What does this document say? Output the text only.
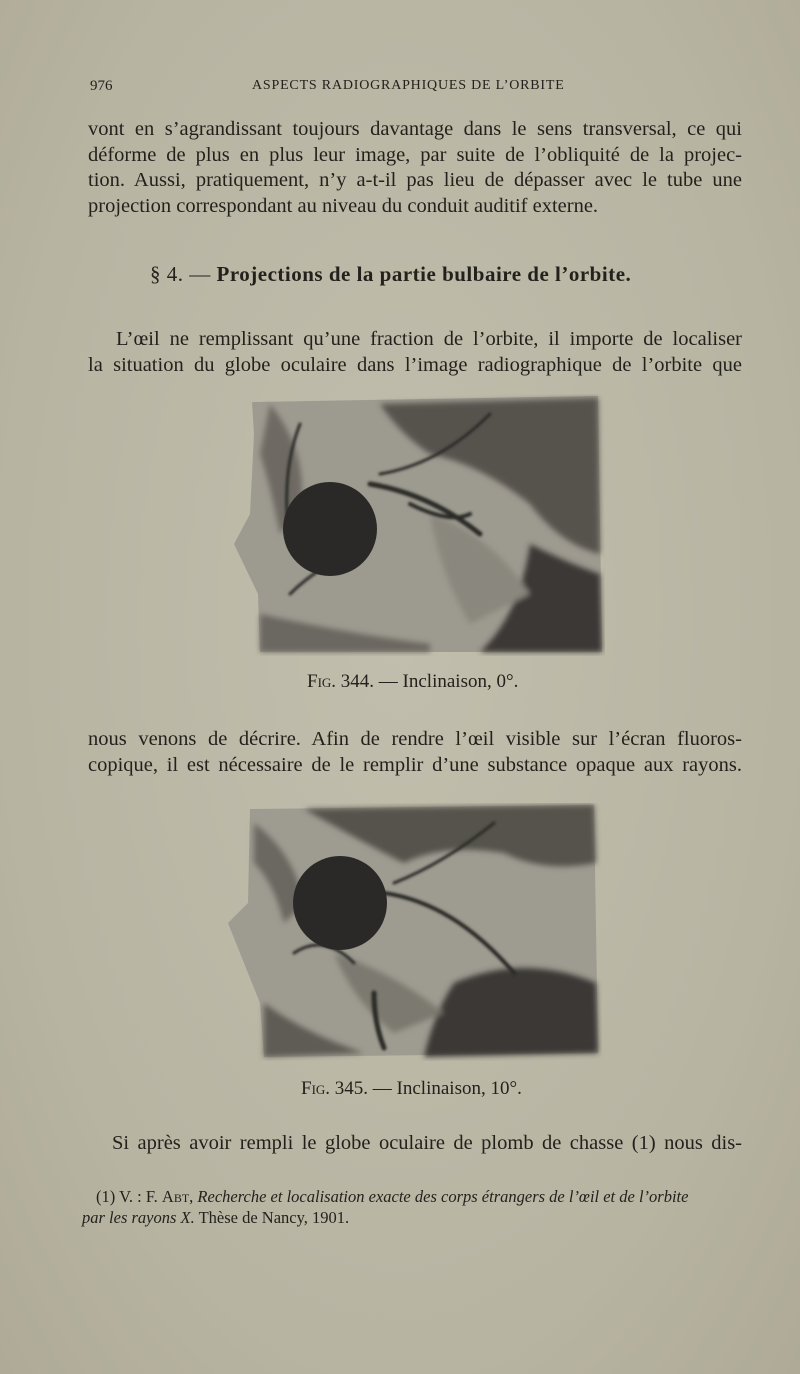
976	ASPECTS RADIOGRAPHIQUES DE L’ORBITE
vont en s’agrandissant toujours davantage dans le sens transversal, ce qui
déforme de plus en plus leur image, par suite de l’obliquité de la projec-
tion. Aussi, pratiquement, n’y a-t-il pas lieu de dépasser avec le tube une
projection correspondant au niveau du conduit auditif externe.
§ 4. — Projections de la partie bulbaire de l’orbite.
L’œil ne remplissant qu’une fraction de l’orbite, il importe de localiser
la situation du globe oculaire dans l’image radiographique de l’orbite que
Fig. 344. — Inclinaison, 0°.
nous venons de décrire. Afin de rendre l’œil visible sur l’écran fluoros-
copique, il est nécessaire de le remplir d’une substance opaque aux rayons.
Fig. 345. — Inclinaison, 10°.
Si après avoir rempli le globe oculaire de plomb de chasse (1) nous dis-
(1) V. : F. Abt, Recherche et localisation exacte des corps étrangers de l’œil et de l’orbite
par les rayons X. Thèse de Nancy, 1901.
